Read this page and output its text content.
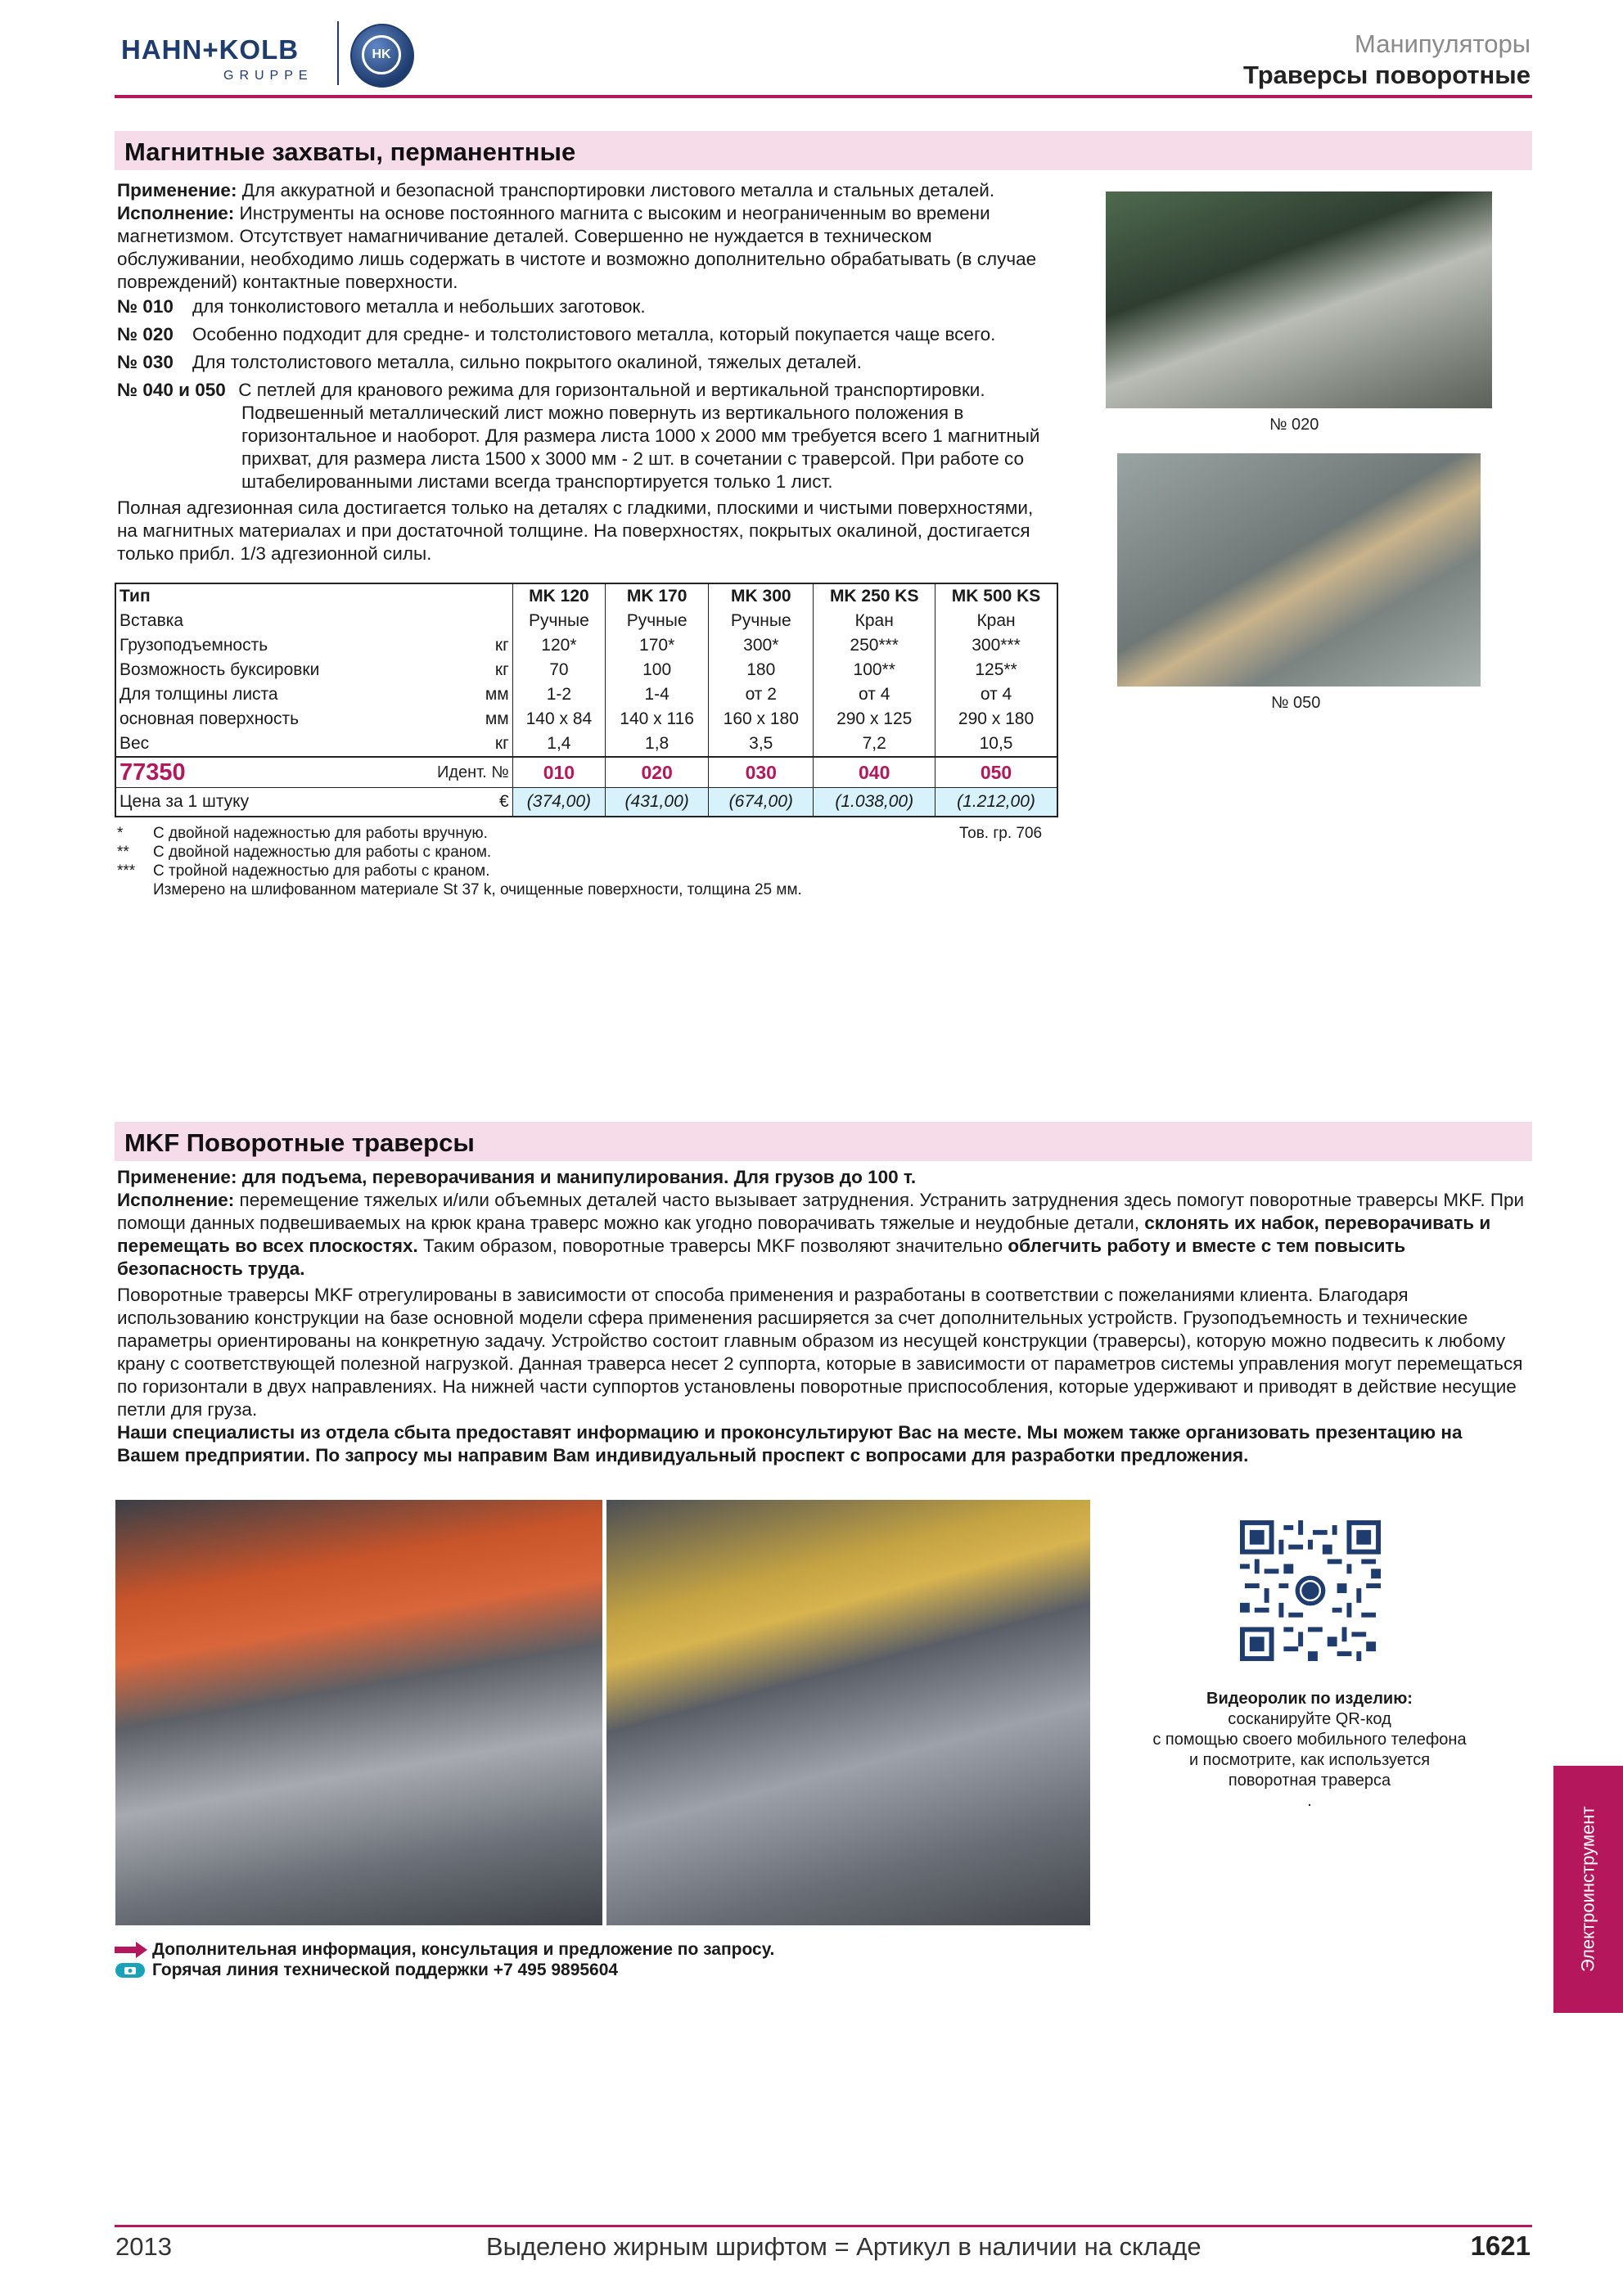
HAHN+KOLB
GRUPPE
HK	Манипуляторы
Траверсы поворотные
Магнитные захваты, перманентные
Применение: Для аккуратной и безопасной транспортировки листового металла и стальных деталей.
Исполнение: Инструменты на основе постоянного магнита с высоким и неограниченным во времени магнетизмом. Отсутствует намагничивание деталей. Совершенно не нуждается в техническом обслуживании, необходимо лишь содержать в чистоте и возможно дополнительно обрабатывать (в случае повреждений) контактные поверхности.
№ 010	для тонколистового металла и небольших заготовок.
№ 020	Особенно подходит для средне- и толстолистового металла, который покупается чаще всего.
№ 030	Для толстолистового металла, сильно покрытого окалиной, тяжелых деталей.
№ 040 и 050 С петлей для кранового режима для горизонтальной и вертикальной транспортировки. Подвешенный металлический лист можно повернуть из вертикального положения в горизонтальное и наоборот. Для размера листа 1000 x 2000 мм требуется всего 1 магнитный прихват, для размера листа 1500 x 3000 мм - 2 шт. в сочетании с траверсой. При работе со штабелированными листами всегда транспортируется только 1 лист.
Полная адгезионная сила достигается только на деталях с гладкими, плоскими и чистыми поверхностями, на магнитных материалах и при достаточной толщине. На поверхностях, покрытых окалиной, достигается только прибл. 1/3 адгезионной силы.
№ 020
№ 050
Тип		MK 120	MK 170	MK 300	MK 250 KS	MK 500 KS
Вставка		Ручные	Ручные	Ручные	Кран	Кран
Грузоподъемность	кг	120*	170*	300*	250***	300***
Возможность буксировки	кг	70	100	180	100**	125**
Для толщины листа	мм	1-2	1-4	от 2	от 4	от 4
основная поверхность	мм	140 x 84	140 x 116	160 x 180	290 x 125	290 x 180
Вес	кг	1,4	1,8	3,5	7,2	10,5
77350	Идент. №	010	020	030	040	050
Цена за 1 штуку	€	(374,00)	(431,00)	(674,00)	(1.038,00)	(1.212,00)
Тов. гр. 706
*	С двойной надежностью для работы вручную.
**	С двойной надежностью для работы с краном.
***	С тройной надежностью для работы с краном.
Измерено на шлифованном материале St 37 k, очищенные поверхности, толщина 25 мм.
MKF Поворотные траверсы
Применение: для подъема, переворачивания и манипулирования. Для грузов до 100 т.
Исполнение: перемещение тяжелых и/или объемных деталей часто вызывает затруднения. Устранить затруднения здесь помогут поворотные траверсы MKF. При помощи данных подвешиваемых на крюк крана траверс можно как угодно поворачивать тяжелые и неудобные детали, склонять их набок, переворачивать и перемещать во всех плоскостях. Таким образом, поворотные траверсы MKF позволяют значительно облегчить работу и вместе с тем повысить безопасность труда.
Поворотные траверсы MKF отрегулированы в зависимости от способа применения и разработаны в соответствии с пожеланиями клиента. Благодаря использованию конструкции на базе основной модели сфера применения расширяется за счет дополнительных устройств. Грузоподъемность и технические параметры ориентированы на конкретную задачу. Устройство состоит главным образом из несущей конструкции (траверсы), которую можно подвесить к любому крану с соответствующей полезной нагрузкой. Данная траверса несет 2 суппорта, которые в зависимости от параметров системы управления могут перемещаться по горизонтали в двух направлениях. На нижней части суппортов установлены поворотные приспособления, которые удерживают и приводят в действие несущие петли для груза.
Наши специалисты из отдела сбыта предоставят информацию и проконсультируют Вас на месте. Мы можем также организовать презентацию на Вашем предприятии. По запросу мы направим Вам индивидуальный проспект с вопросами для разработки предложения.
Видеоролик по изделию:
сосканируйте QR-код
с помощью своего мобильного телефона
и посмотрите, как используется
поворотная траверса
.
Дополнительная информация, консультация и предложение по запросу.
Горячая линия технической поддержки +7 495 9895604	Электроинструмент
2013	Выделено жирным шрифтом = Артикул в наличии на складе	1621
